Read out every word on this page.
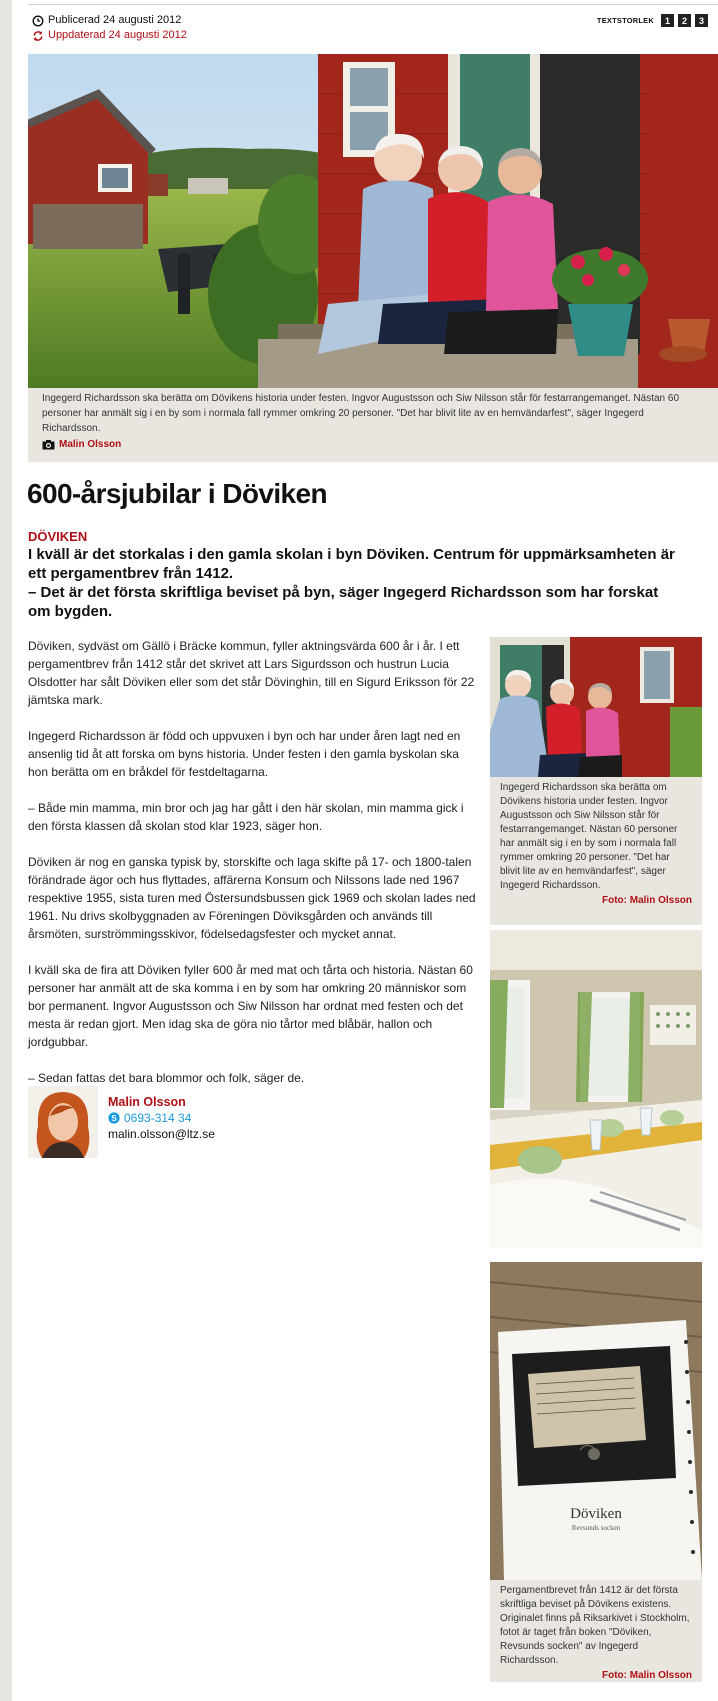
Publicerad 24 augusti 2012
Uppdaterad 24 augusti 2012
TEXTSTORLEK	1	2	3
Ingegerd Richardsson ska berätta om Dövikens historia under festen. Ingvor Augustsson och Siw Nilsson står för festarrangemanget. Nästan 60 personer har anmält sig i en by som i normala fall rymmer omkring 20 personer. "Det har blivit lite av en hemvändarfest", säger Ingegerd Richardsson.
Malin Olsson
600-årsjubilar i Döviken
DÖVIKEN

I kväll är det storkalas i den gamla skolan i byn Döviken. Centrum för uppmärksamheten är ett pergamentbrev från 1412.

– Det är det första skriftliga beviset på byn, säger Ingegerd Richardsson som har forskat om bygden.

Döviken, sydväst om Gällö i Bräcke kommun, fyller aktningsvärda 600 år i år. I ett pergamentbrev från 1412 står det skrivet att Lars Sigurdsson och hustrun Lucia Olsdotter har sålt Döviken eller som det står Dövinghin, till en Sigurd Eriksson för 22 jämtska mark.

Ingegerd Richardsson är född och uppvuxen i byn och har under åren lagt ned en ansenlig tid åt att forska om byns historia. Under festen i den gamla byskolan ska hon berätta om en bråkdel för festdeltagarna.

– Både min mamma, min bror och jag har gått i den här skolan, min mamma gick i den första klassen då skolan stod klar 1923, säger hon.

Döviken är nog en ganska typisk by, storskifte och laga skifte på 17- och 1800-talen förändrade ägor och hus flyttades, affärerna Konsum och Nilssons lade ned 1967 respektive 1955, sista turen med Östersundsbussen gick 1969 och skolan lades ned 1961. Nu drivs skolbyggnaden av Föreningen Döviksgården och används till årsmöten, surströmmingsskivor, födelsedagsfester och mycket annat.

I kväll ska de fira att Döviken fyller 600 år med mat och tårta och historia. Nästan 60 personer har anmält att de ska komma i en by som har omkring 20 människor som bor permanent. Ingvor Augustsson och Siw Nilsson har ordnat med festen och det mesta är redan gjort. Men idag ska de göra nio tårtor med blåbär, hallon och jordgubbar.

– Sedan fattas det bara blommor och folk, säger de.

Malin Olsson
S 0693-314 34
malin.olsson@ltz.se
Ingegerd Richardsson ska berätta om Dövikens historia under festen. Ingvor Augustsson och Siw Nilsson står för festarrangemanget. Nästan 60 personer har anmält sig i en by som i normala fall rymmer omkring 20 personer. "Det har blivit lite av en hemvändarfest", säger Ingegerd Richardsson.
Foto: Malin Olsson
Döviken
Revsunds socken
Pergamentbrevet från 1412 är det första skriftliga beviset på Dövikens existens. Originalet finns på Riksarkivet i Stockholm, fotot är taget från boken "Döviken, Revsunds socken" av Ingegerd Richardsson.
Foto: Malin Olsson
